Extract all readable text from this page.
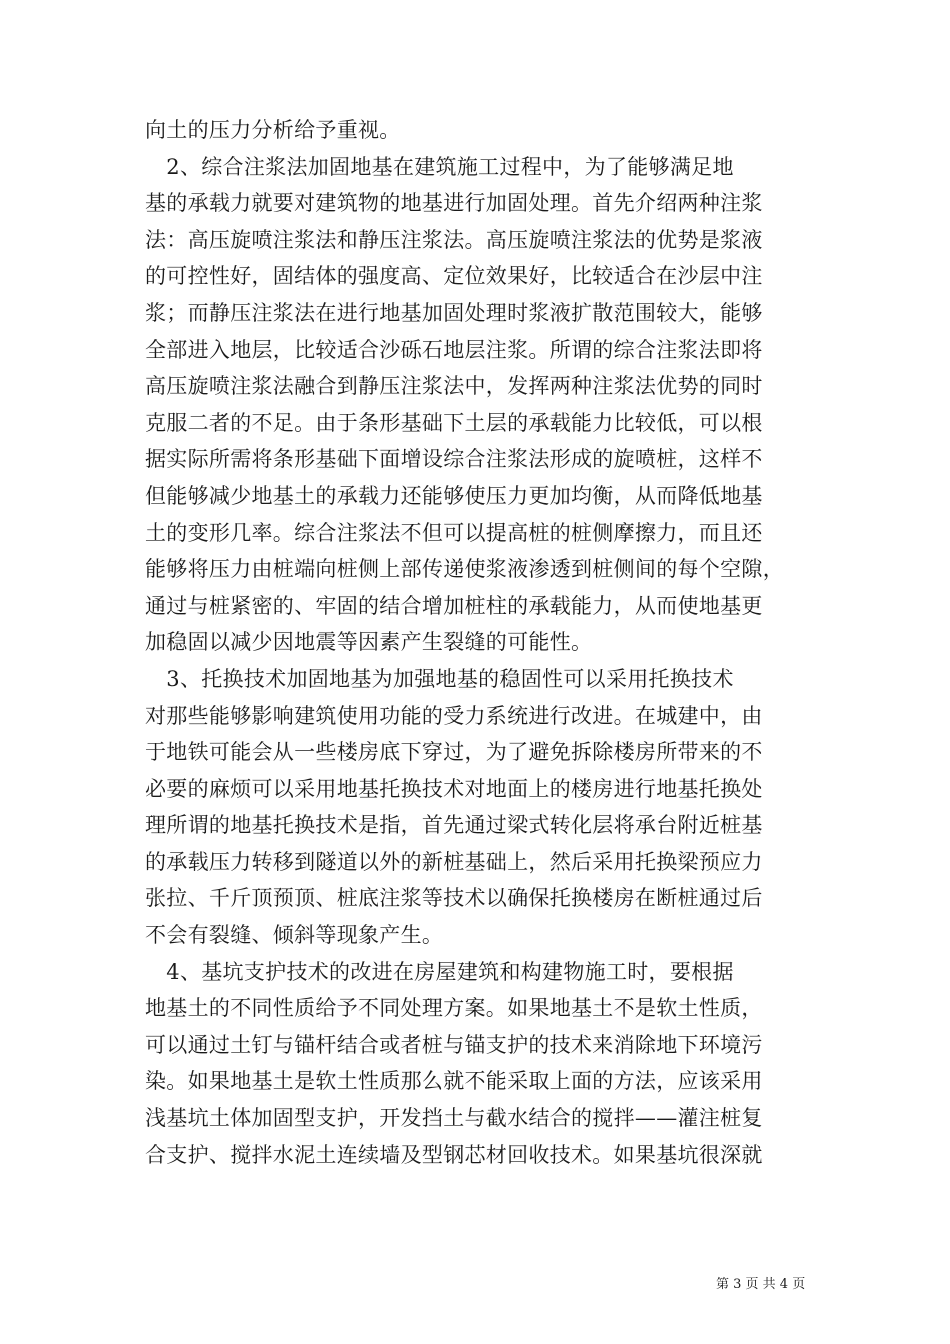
向土的压力分析给予重视。
　2、综合注浆法加固地基在建筑施工过程中，为了能够满足地
基的承载力就要对建筑物的地基进行加固处理。首先介绍两种注浆
法：高压旋喷注浆法和静压注浆法。高压旋喷注浆法的优势是浆液
的可控性好，固结体的强度高、定位效果好，比较适合在沙层中注
浆；而静压注浆法在进行地基加固处理时浆液扩散范围较大，能够
全部进入地层，比较适合沙砾石地层注浆。所谓的综合注浆法即将
高压旋喷注浆法融合到静压注浆法中，发挥两种注浆法优势的同时
克服二者的不足。由于条形基础下土层的承载能力比较低，可以根
据实际所需将条形基础下面增设综合注浆法形成的旋喷桩，这样不
但能够减少地基土的承载力还能够使压力更加均衡，从而降低地基
土的变形几率。综合注浆法不但可以提高桩的桩侧摩擦力，而且还
能够将压力由桩端向桩侧上部传递使浆液渗透到桩侧间的每个空隙，
通过与桩紧密的、牢固的结合增加桩柱的承载能力，从而使地基更
加稳固以减少因地震等因素产生裂缝的可能性。
　3、托换技术加固地基为加强地基的稳固性可以采用托换技术
对那些能够影响建筑使用功能的受力系统进行改进。在城建中，由
于地铁可能会从一些楼房底下穿过，为了避免拆除楼房所带来的不
必要的麻烦可以采用地基托换技术对地面上的楼房进行地基托换处
理所谓的地基托换技术是指，首先通过梁式转化层将承台附近桩基
的承载压力转移到隧道以外的新桩基础上，然后采用托换梁预应力
张拉、千斤顶预顶、桩底注浆等技术以确保托换楼房在断桩通过后
不会有裂缝、倾斜等现象产生。
　4、基坑支护技术的改进在房屋建筑和构建物施工时，要根据
地基土的不同性质给予不同处理方案。如果地基土不是软土性质，
可以通过土钉与锚杆结合或者桩与锚支护的技术来消除地下环境污
染。如果地基土是软土性质那么就不能采取上面的方法，应该采用
浅基坑土体加固型支护，开发挡土与截水结合的搅拌——灌注桩复
合支护、搅拌水泥土连续墙及型钢芯材回收技术。如果基坑很深就
第 3 页 共 4 页
